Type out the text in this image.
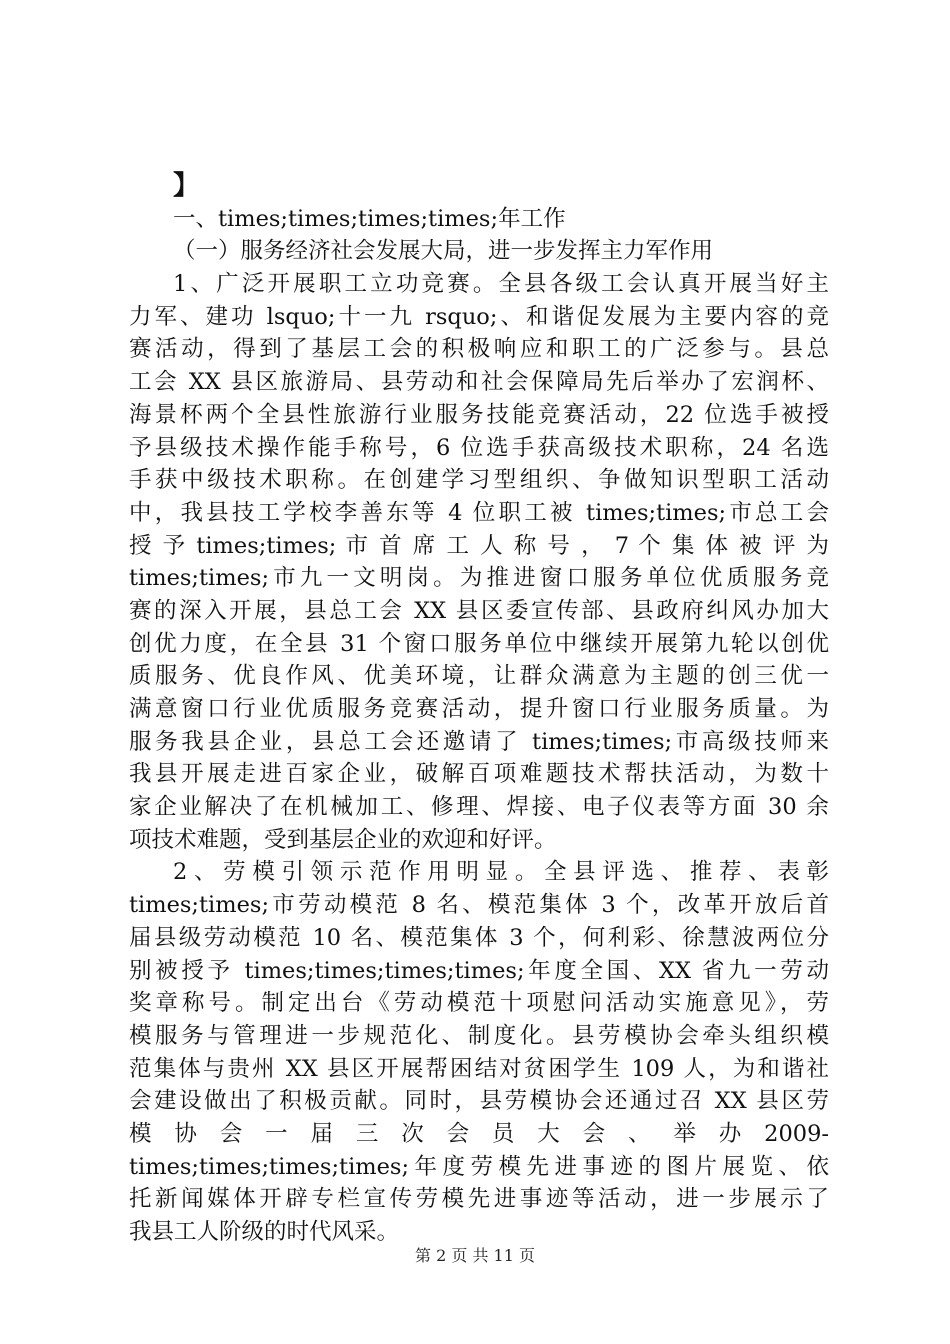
】
一、times;times;times;times;年工作
（一）服务经济社会发展大局，进一步发挥主力军作用
1、广泛开展职工立功竞赛。全县各级工会认真开展当好主
力军、建功 lsquo;十一九 rsquo;、和谐促发展为主要内容的竞
赛活动，得到了基层工会的积极响应和职工的广泛参与。县总
工会 XX 县区旅游局、县劳动和社会保障局先后举办了宏润杯、
海景杯两个全县性旅游行业服务技能竞赛活动，22 位选手被授
予县级技术操作能手称号，6 位选手获高级技术职称，24 名选
手获中级技术职称。在创建学习型组织、争做知识型职工活动
中，我县技工学校李善东等 4 位职工被 times;times;市总工会
授 予 times;times; 市 首 席 工 人 称 号 ， 7 个 集 体 被 评 为
times;times;市九一文明岗。为推进窗口服务单位优质服务竞
赛的深入开展，县总工会 XX 县区委宣传部、县政府纠风办加大
创优力度，在全县 31 个窗口服务单位中继续开展第九轮以创优
质服务、优良作风、优美环境，让群众满意为主题的创三优一
满意窗口行业优质服务竞赛活动，提升窗口行业服务质量。为
服务我县企业，县总工会还邀请了 times;times;市高级技师来
我县开展走进百家企业，破解百项难题技术帮扶活动，为数十
家企业解决了在机械加工、修理、焊接、电子仪表等方面 30 余
项技术难题，受到基层企业的欢迎和好评。
2、劳模引领示范作用明显。全县评选、推荐、表彰
times;times;市劳动模范 8 名、模范集体 3 个，改革开放后首
届县级劳动模范 10 名、模范集体 3 个，何利彩、徐慧波两位分
别被授予 times;times;times;times;年度全国、XX 省九一劳动
奖章称号。制定出台《劳动模范十项慰问活动实施意见》，劳
模服务与管理进一步规范化、制度化。县劳模协会牵头组织模
范集体与贵州 XX 县区开展帮困结对贫困学生 109 人，为和谐社
会建设做出了积极贡献。同时，县劳模协会还通过召 XX 县区劳
模 协 会 一 届 三 次 会 员 大 会 、 举 办 2009-
times;times;times;times;年度劳模先进事迹的图片展览、依
托新闻媒体开辟专栏宣传劳模先进事迹等活动，进一步展示了
我县工人阶级的时代风采。
第 2 页 共 11 页
